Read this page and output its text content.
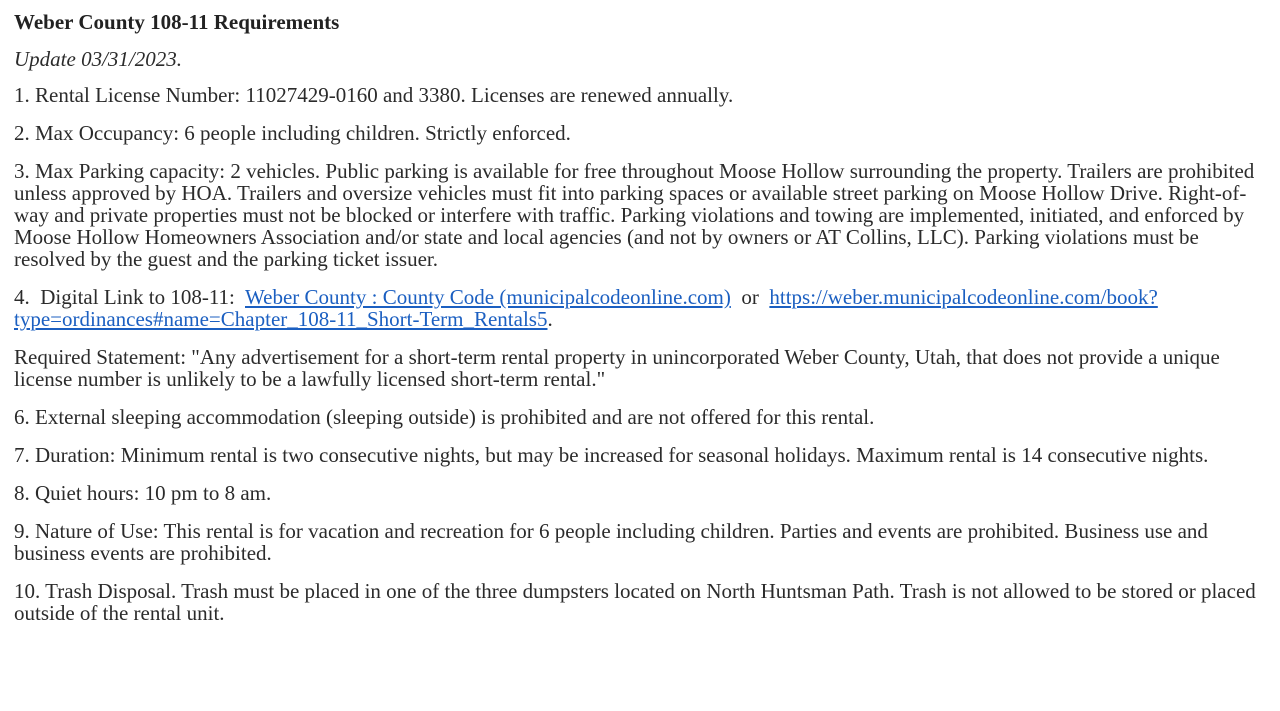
Weber County 108-11 Requirements

Update 03/31/2023.

1. Rental License Number: 11027429-0160 and 3380. Licenses are renewed annually.

2. Max Occupancy: 6 people including children. Strictly enforced.

3. Max Parking capacity: 2 vehicles. Public parking is available for free throughout Moose Hollow surrounding the property. Trailers are prohibited unless approved by HOA. Trailers and oversize vehicles must fit into parking spaces or available street parking on Moose Hollow Drive. Right-of-way and private properties must not be blocked or interfere with traffic. Parking violations and towing are implemented, initiated, and enforced by Moose Hollow Homeowners Association and/or state and local agencies (and not by owners or AT Collins, LLC). Parking violations must be resolved by the guest and the parking ticket issuer.

4.  Digital Link to 108-11:  Weber County : County Code (municipalcodeonline.com)  or  https://weber.municipalcodeonline.com/book?type=ordinances#name=Chapter_108-11_Short-Term_Rentals5.

Required Statement: "Any advertisement for a short-term rental property in unincorporated Weber County, Utah, that does not provide a unique license number is unlikely to be a lawfully licensed short-term rental."

6. External sleeping accommodation (sleeping outside) is prohibited and are not offered for this rental.

7. Duration: Minimum rental is two consecutive nights, but may be increased for seasonal holidays. Maximum rental is 14 consecutive nights.

8. Quiet hours: 10 pm to 8 am.

9. Nature of Use: This rental is for vacation and recreation for 6 people including children. Parties and events are prohibited. Business use and business events are prohibited.

10. Trash Disposal. Trash must be placed in one of the three dumpsters located on North Huntsman Path. Trash is not allowed to be stored or placed outside of the rental unit.
